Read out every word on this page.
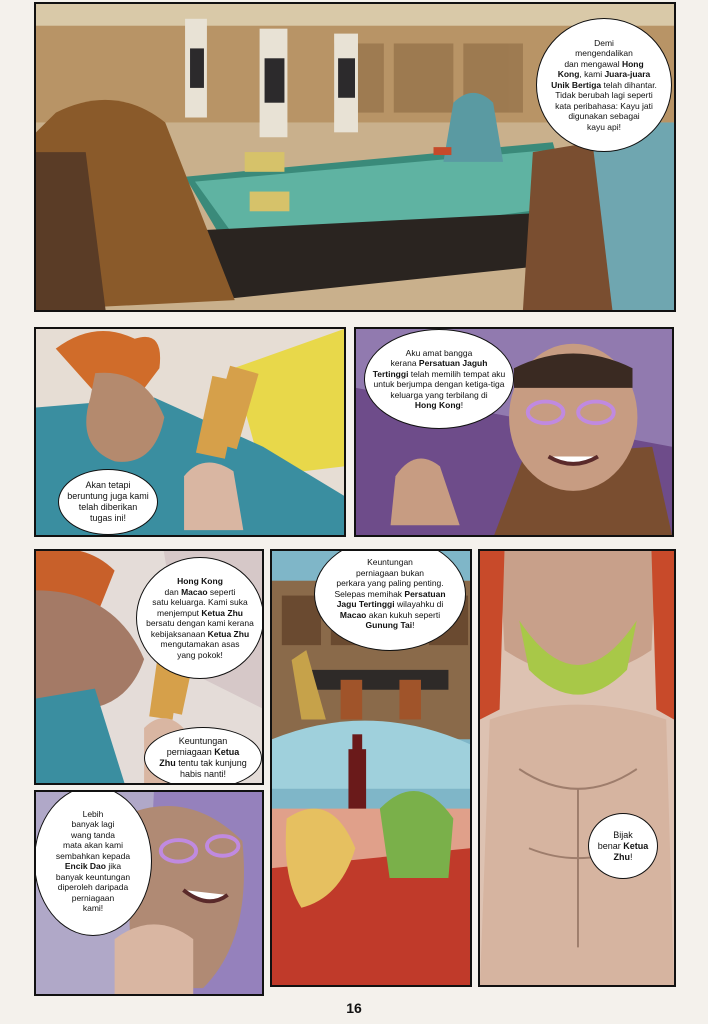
Demi
mengendalikan
dan mengawal Hong
Kong, kami Juara-juara
Unik Bertiga telah dihantar.
Tidak berubah lagi seperti
kata peribahasa: Kayu jati
digunakan sebagai
kayu api!
Akan tetapi
beruntung juga kami
telah diberikan
tugas ini!
Aku amat bangga
kerana Persatuan Jaguh
Tertinggi telah memilih tempat aku
untuk berjumpa dengan ketiga-tiga
keluarga yang terbilang di
Hong Kong!
Hong Kong
dan Macao seperti
satu keluarga. Kami suka
menjemput Ketua Zhu
bersatu dengan kami kerana
kebijaksanaan Ketua Zhu
mengutamakan asas
yang pokok!
Keuntungan
perniagaan Ketua
Zhu tentu tak kunjung
habis nanti!
Keuntungan
perniagaan bukan
perkara yang paling penting.
Selepas memihak Persatuan
Jagu Tertinggi wilayahku di
Macao akan kukuh seperti
Gunung Tai!
Bijak
benar Ketua
Zhu!
Lebih
banyak lagi
wang tanda
mata akan kami
sembahkan kepada
Encik Dao jika
banyak keuntungan
diperoleh daripada
perniagaan
kami!
16
